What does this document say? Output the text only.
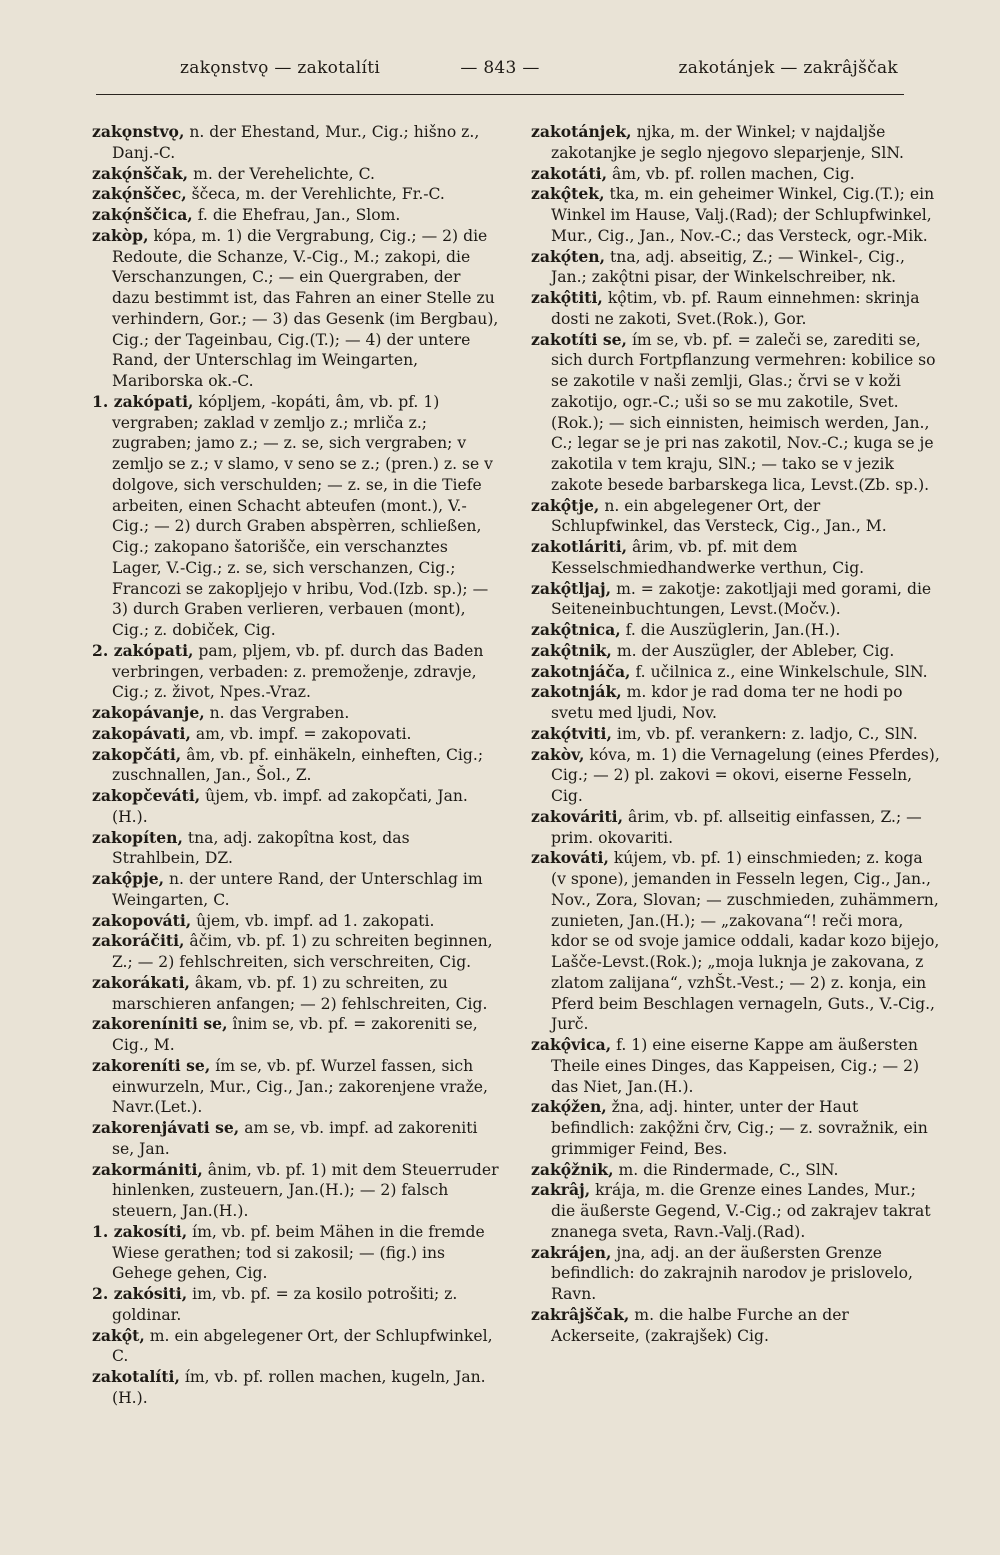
zakǫnstvǫ — zakotalíti	— 843 —	zakotánjek — zakrâjščak

zakǫnstvǫ, n. der Ehestand, Mur., Cig.; hišno z., Danj.-C.

zakǫ́nščak, m. der Verehelichte, C.

zakǫ́nščec, ščeca, m. der Verehlichte, Fr.-C.

zakǫ́nščica, f. die Ehefrau, Jan., Slom.

zakòp, kópa, m. 1) die Vergrabung, Cig.; — 2) die Redoute, die Schanze, V.-Cig., M.; zakopi, die Verschanzungen, C.; — ein Quergraben, der dazu bestimmt ist, das Fahren an einer Stelle zu verhindern, Gor.; — 3) das Gesenk (im Bergbau), Cig.; der Tageinbau, Cig.(T.); — 4) der untere Rand, der Unterschlag im Weingarten, Mariborska ok.-C.

1. zakópati, kópljem, -kopáti, âm, vb. pf. 1) vergraben; zaklad v zemljo z.; mrliča z.; zugraben; jamo z.; — z. se, sich vergraben; v zemljo se z.; v slamo, v seno se z.; (pren.) z. se v dolgove, sich verschulden; — z. se, in die Tiefe arbeiten, einen Schacht abteufen (mont.), V.-Cig.; — 2) durch Graben abspèrren, schließen, Cig.; zakopano šatorišče, ein verschanztes Lager, V.-Cig.; z. se, sich verschanzen, Cig.; Francozi se zakopljejo v hribu, Vod.(Izb. sp.); — 3) durch Graben verlieren, verbauen (mont), Cig.; z. dobiček, Cig.

2. zakópati, pam, pljem, vb. pf. durch das Baden verbringen, verbaden: z. premoženje, zdravje, Cig.; z. život, Npes.-Vraz.

zakopávanje, n. das Vergraben.

zakopávati, am, vb. impf. = zakopovati.

zakopčáti, âm, vb. pf. einhäkeln, einheften, Cig.; zuschnallen, Jan., Šol., Z.

zakopčeváti, ûjem, vb. impf. ad zakopčati, Jan.(H.).

zakopíten, tna, adj. zakopîtna kost, das Strahlbein, DZ.

zakǫ̂pje, n. der untere Rand, der Unterschlag im Weingarten, C.

zakopováti, ûjem, vb. impf. ad 1. zakopati.

zakoráčiti, âčim, vb. pf. 1) zu schreiten beginnen, Z.; — 2) fehlschreiten, sich verschreiten, Cig.

zakorákati, âkam, vb. pf. 1) zu schreiten, zu marschieren anfangen; — 2) fehlschreiten, Cig.

zakoreníniti se, înim se, vb. pf. = zakoreniti se, Cig., M.

zakoreníti se, ím se, vb. pf. Wurzel fassen, sich einwurzeln, Mur., Cig., Jan.; zakorenjene vraže, Navr.(Let.).

zakorenjávati se, am se, vb. impf. ad zakoreniti se, Jan.

zakormániti, ânim, vb. pf. 1) mit dem Steuerruder hinlenken, zusteuern, Jan.(H.); — 2) falsch steuern, Jan.(H.).

1. zakosíti, ím, vb. pf. beim Mähen in die fremde Wiese gerathen; tod si zakosil; — (fig.) ins Gehege gehen, Cig.

2. zakósiti, im, vb. pf. = za kosilo potrošiti; z. goldinar.

zakǫ̂t, m. ein abgelegener Ort, der Schlupfwinkel, C.

zakotalíti, ím, vb. pf. rollen machen, kugeln, Jan.(H.).

zakotánjek, njka, m. der Winkel; v najdaljše zakotanjke je seglo njegovo sleparjenje, SlN.

zakotáti, âm, vb. pf. rollen machen, Cig.

zakǫ̂tek, tka, m. ein geheimer Winkel, Cig.(T.); ein Winkel im Hause, Valj.(Rad); der Schlupfwinkel, Mur., Cig., Jan., Nov.-C.; das Versteck, ogr.-Mik.

zakǫ́ten, tna, adj. abseitig, Z.; — Winkel-, Cig., Jan.; zakǫ̂tni pisar, der Winkelschreiber, nk.

zakǫ̂titi, kǫ̂tim, vb. pf. Raum einnehmen: skrinja dosti ne zakoti, Svet.(Rok.), Gor.

zakotíti se, ím se, vb. pf. = zaleči se, zarediti se, sich durch Fortpflanzung vermehren: kobilice so se zakotile v naši zemlji, Glas.; črvi se v koži zakotijo, ogr.-C.; uši so se mu zakotile, Svet.(Rok.); — sich einnisten, heimisch werden, Jan., C.; legar se je pri nas zakotil, Nov.-C.; kuga se je zakotila v tem kraju, SlN.; — tako se v jezik zakote besede barbarskega lica, Levst.(Zb. sp.).

zakǫ̂tje, n. ein abgelegener Ort, der Schlupfwinkel, das Versteck, Cig., Jan., M.

zakotláriti, ârim, vb. pf. mit dem Kesselschmiedhandwerke verthun, Cig.

zakǫ̂tljaj, m. = zakotje: zakotljaji med gorami, die Seiteneinbuchtungen, Levst.(Močv.).

zakǫ̂tnica, f. die Auszüglerin, Jan.(H.).

zakǫ̂tnik, m. der Auszügler, der Ableber, Cig.

zakotnjáča, f. učilnica z., eine Winkelschule, SlN.

zakotnják, m. kdor je rad doma ter ne hodi po svetu med ljudi, Nov.

zakǫ́tviti, im, vb. pf. verankern: z. ladjo, C., SlN.

zakòv, kóva, m. 1) die Vernagelung (eines Pferdes), Cig.; — 2) pl. zakovi = okovi, eiserne Fesseln, Cig.

zakováriti, ârim, vb. pf. allseitig einfassen, Z.; — prim. okovariti.

zakováti, kújem, vb. pf. 1) einschmieden; z. koga (v spone), jemanden in Fesseln legen, Cig., Jan., Nov., Zora, Slovan; — zuschmieden, zuhämmern, zunieten, Jan.(H.); — „zakovana“! reči mora, kdor se od svoje jamice oddali, kadar kozo bijejo, Lašče-Levst.(Rok.); „moja luknja je zakovana, z zlatom zalijana“, vzhŠt.-Vest.; — 2) z. konja, ein Pferd beim Beschlagen vernageln, Guts., V.-Cig., Jurč.

zakǫ̂vica, f. 1) eine eiserne Kappe am äußersten Theile eines Dinges, das Kappeisen, Cig.; — 2) das Niet, Jan.(H.).

zakǫ́žen, žna, adj. hinter, unter der Haut befindlich: zakǫ̂žni črv, Cig.; — z. sovražnik, ein grimmiger Feind, Bes.

zakǫ̂žnik, m. die Rindermade, C., SlN.

zakrâj, krája, m. die Grenze eines Landes, Mur.; die äußerste Gegend, V.-Cig.; od zakrajev takrat znanega sveta, Ravn.-Valj.(Rad).

zakrájen, jna, adj. an der äußersten Grenze befindlich: do zakrajnih narodov je prislovelo, Ravn.

zakrâjščak, m. die halbe Furche an der Ackerseite, (zakrajšek) Cig.
